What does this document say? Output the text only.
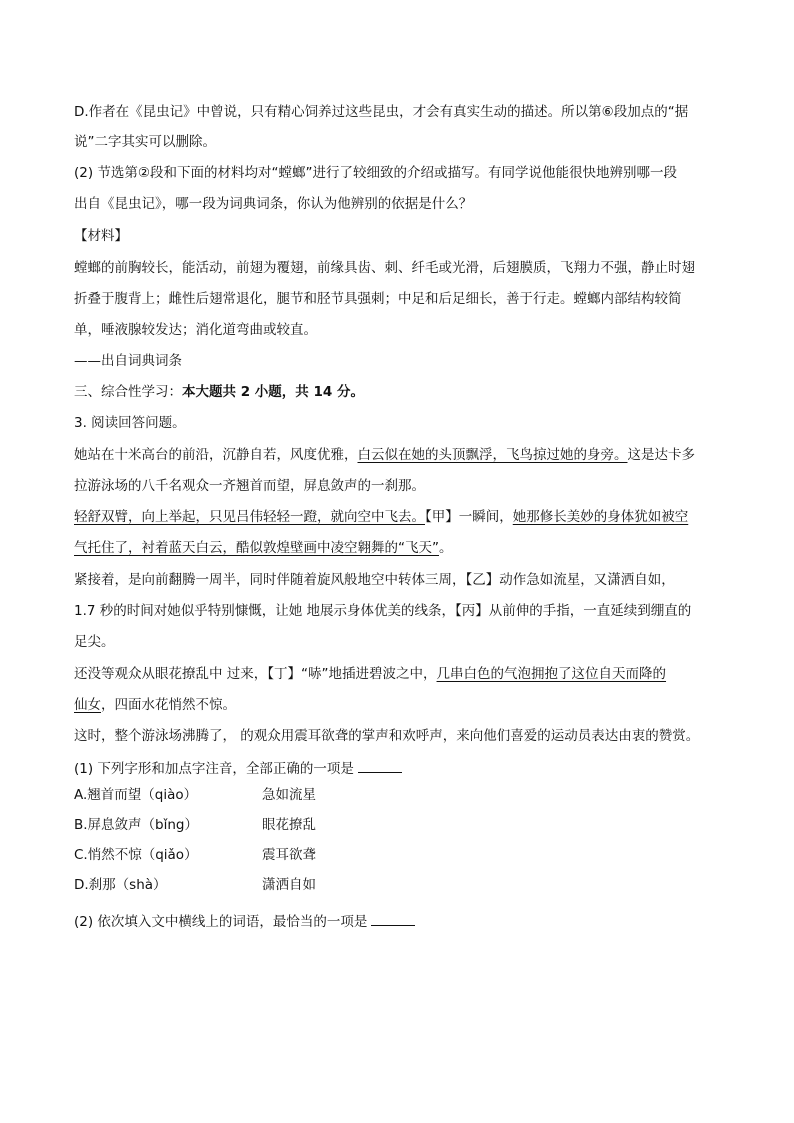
D.作者在《昆虫记》中曾说，只有精心饲养过这些昆虫，才会有真实生动的描述。所以第⑥段加点的“据
说”二字其实可以删除。
(2) 节选第②段和下面的材料均对“螳螂”进行了较细致的介绍或描写。有同学说他能很快地辨别哪一段
出自《昆虫记》，哪一段为词典词条，你认为他辨别的依据是什么？
【材料】
螳螂的前胸较长，能活动，前翅为覆翅，前缘具齿、刺、纤毛或光滑，后翅膜质，飞翔力不强，静止时翅
折叠于腹背上；雌性后翅常退化，腿节和胫节具强刺；中足和后足细长，善于行走。螳螂内部结构较简
单，唾液腺较发达；消化道弯曲或较直。
——出自词典词条
三、综合性学习：本大题共 2 小题，共 14 分。
3. 阅读回答问题。
她站在十米高台的前沿，沉静自若，风度优雅，白云似在她的头顶飘浮，飞鸟掠过她的身旁。这是达卡多
拉游泳场的八千名观众一齐翘首而望，屏息敛声的一刹那。
轻舒双臂，向上举起，只见吕伟轻轻一蹬，就向空中飞去。【甲】一瞬间，她那修长美妙的身体犹如被空
气托住了，衬着蓝天白云，酷似敦煌壁画中凌空翱舞的“飞天”。
紧接着，是向前翻腾一周半，同时伴随着旋风般地空中转体三周，【乙】动作急如流星，又潇洒自如，
1.7 秒的时间对她似乎特别慷慨，让她 地展示身体优美的线条，【丙】从前伸的手指，一直延续到绷直的
足尖。
还没等观众从眼花撩乱中 过来，【丁】“哧”地插进碧波之中，几串白色的气泡拥抱了这位自天而降的
仙女，四面水花悄然不惊。
这时，整个游泳场沸腾了， 的观众用震耳欲聋的掌声和欢呼声，来向他们喜爱的运动员表达由衷的赞赏。
(1) 下列字形和加点字注音，全部正确的一项是
A.翘首而望（qiào）	急如流星
B.屏息敛声（bǐng）	眼花撩乱
C.悄然不惊（qiǎo）	震耳欲聋
D.刹那（shà）	潇洒自如
(2) 依次填入文中横线上的词语，最恰当的一项是
